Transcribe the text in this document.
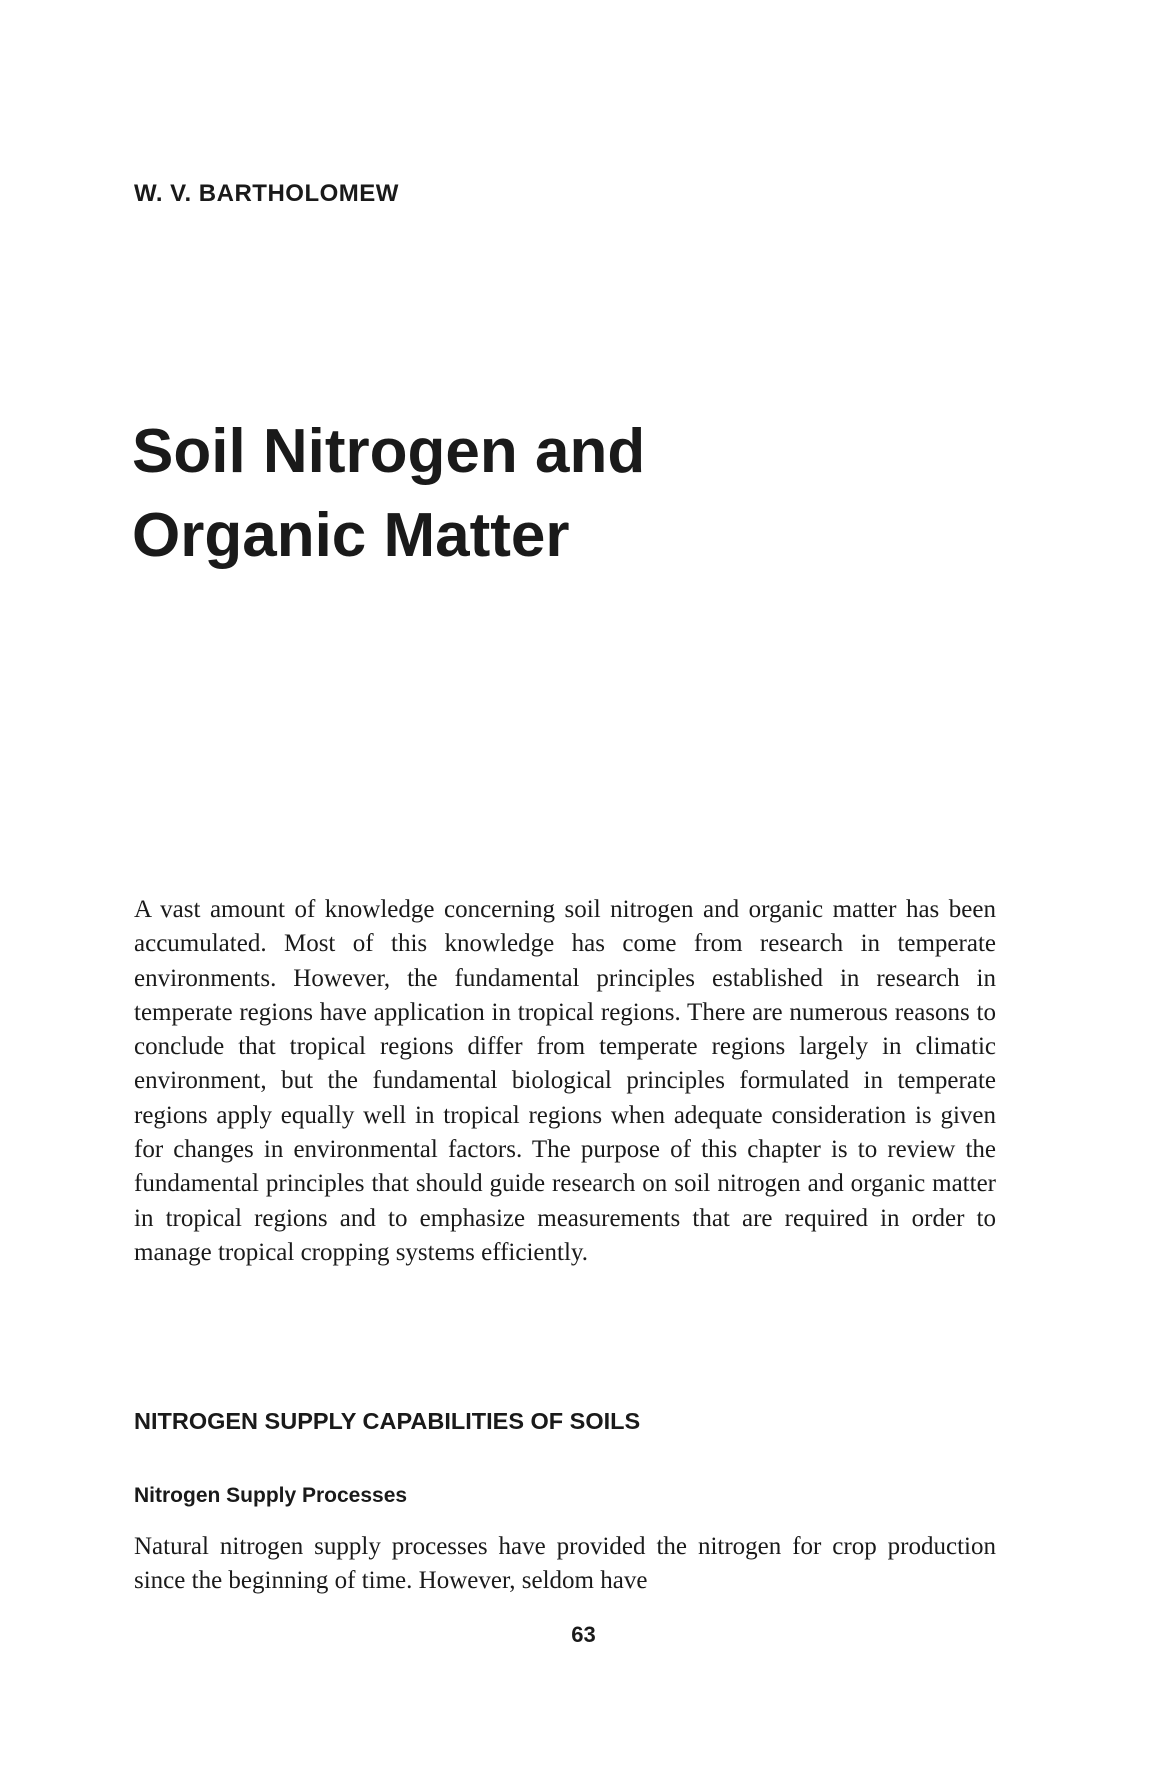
W. V. BARTHOLOMEW
Soil Nitrogen and
Organic Matter

A vast amount of knowledge concerning soil nitrogen and organic matter has been accumulated. Most of this knowledge has come from research in temperate environments. However, the fundamental principles established in research in temperate regions have application in tropical regions. There are numerous reasons to conclude that tropical regions differ from temperate regions largely in climatic environment, but the fundamental biological principles formulated in temperate regions apply equally well in tropical regions when adequate consideration is given for changes in environmental factors. The purpose of this chapter is to review the fundamental principles that should guide research on soil nitrogen and organic matter in tropical regions and to emphasize measurements that are required in order to manage tropical cropping systems efficiently.

NITROGEN SUPPLY CAPABILITIES OF SOILS
Nitrogen Supply Processes

Natural nitrogen supply processes have provided the nitrogen for crop production since the beginning of time. However, seldom have

63
